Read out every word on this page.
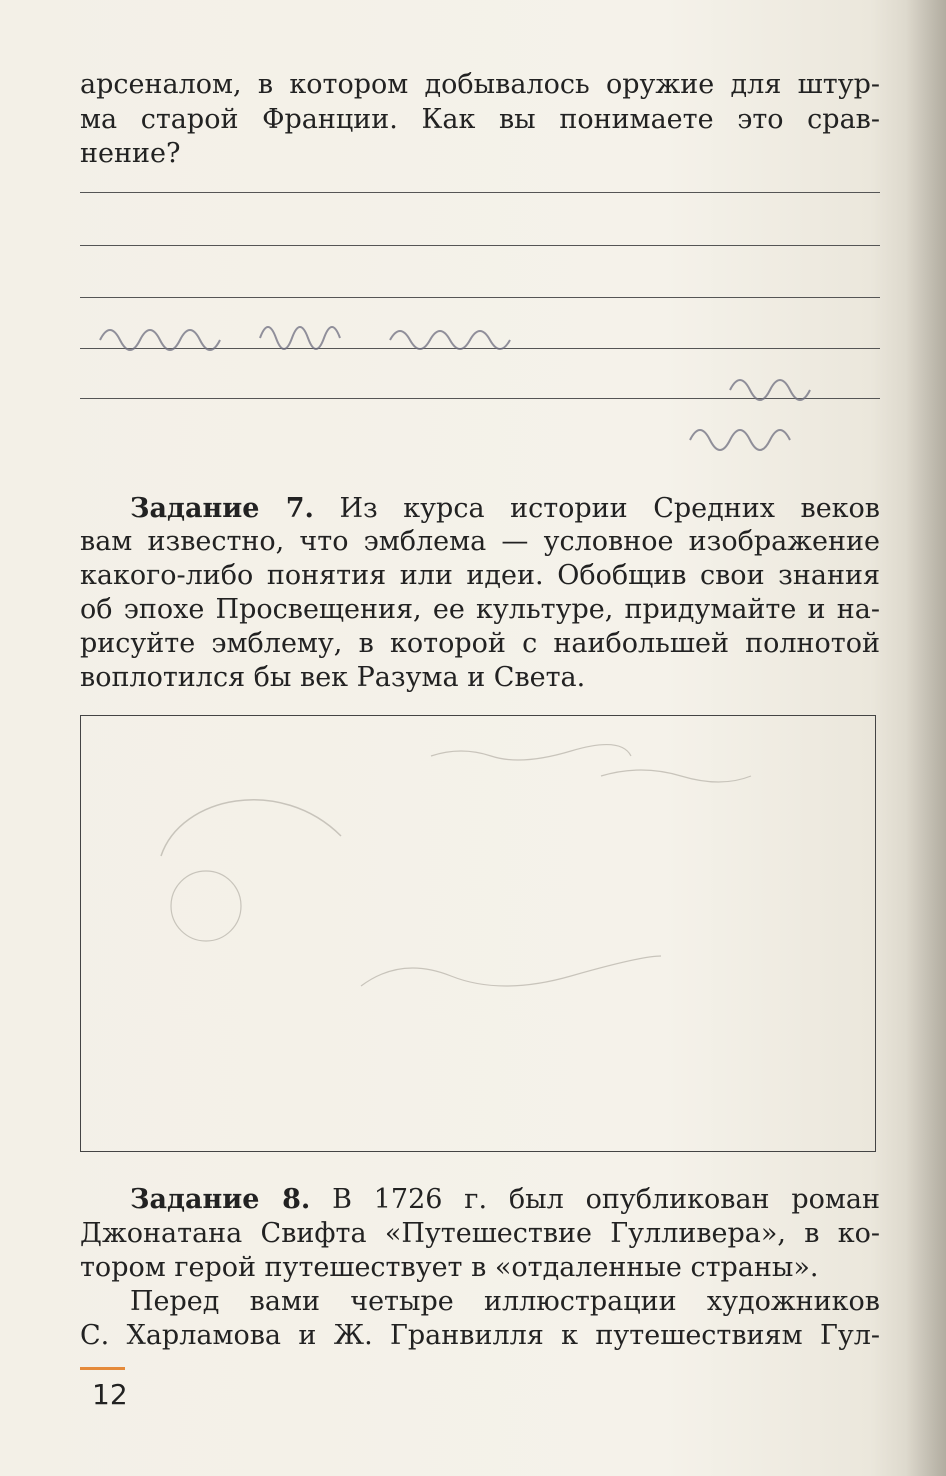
арсеналом, в котором добывалось оружие для штур-
ма старой Франции. Как вы понимаете это срав-
нение?
Задание 7. Из курса истории Средних веков
вам известно, что эмблема — условное изображение
какого-либо понятия или идеи. Обобщив свои знания
об эпохе Просвещения, ее культуре, придумайте и на-
рисуйте эмблему, в которой с наибольшей полнотой
воплотился бы век Разума и Света.
Задание 8. В 1726 г. был опубликован роман
Джонатана Свифта «Путешествие Гулливера», в ко-
тором герой путешествует в «отдаленные страны».
Перед вами четыре иллюстрации художников
С. Харламова и Ж. Гранвилля к путешествиям Гул-
12
